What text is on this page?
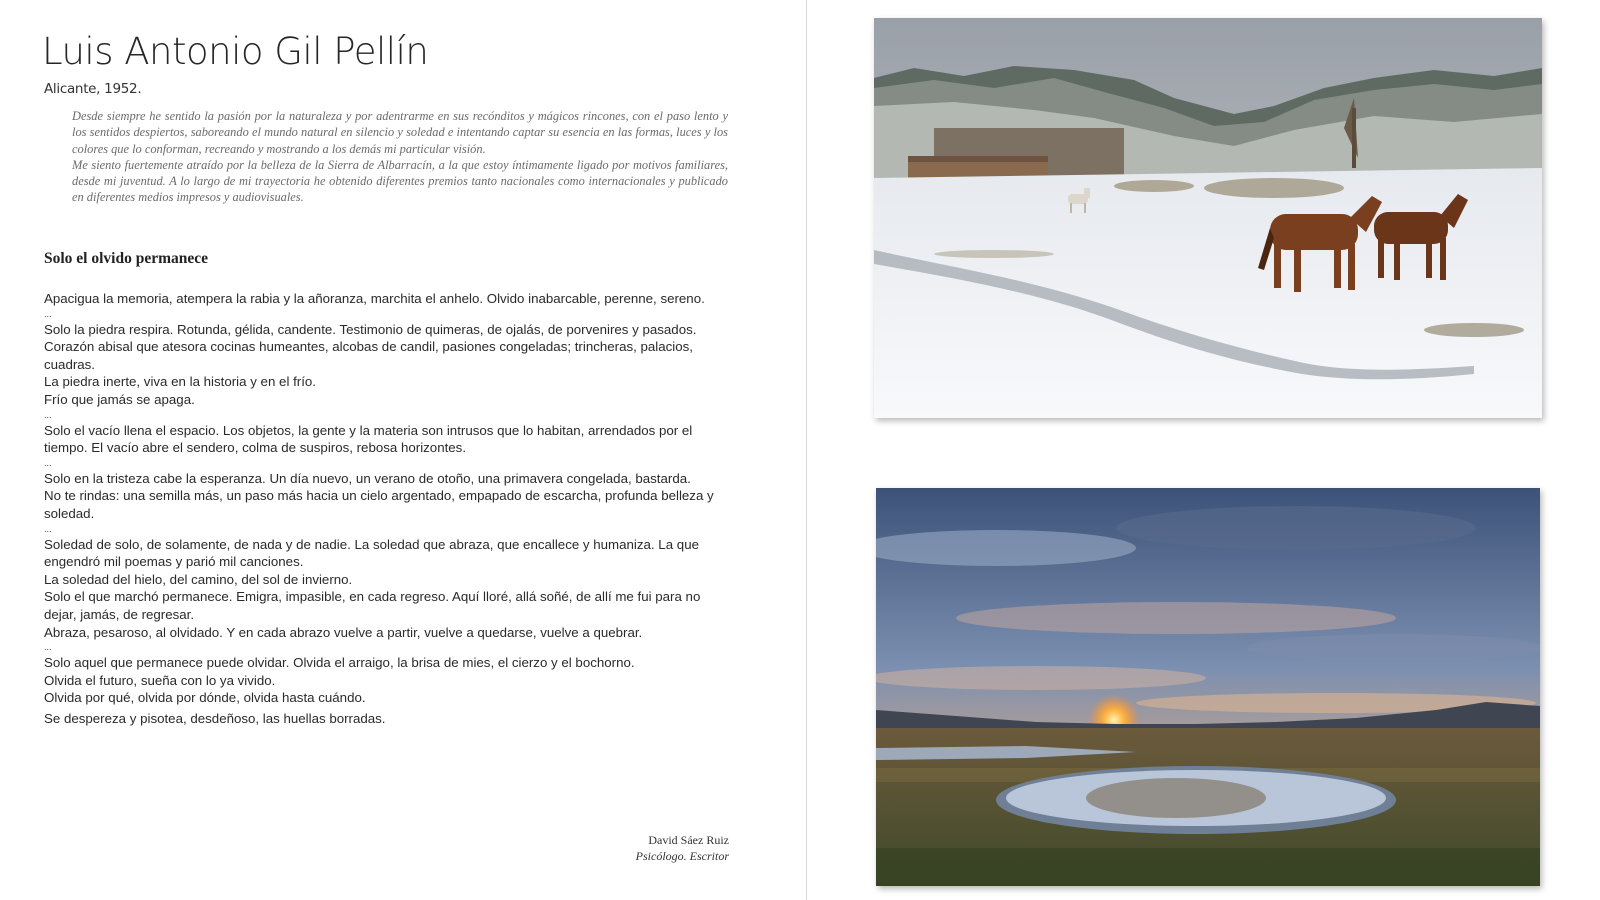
Luis Antonio Gil Pellín
Alicante, 1952.

Desde siempre he sentido la pasión por la naturaleza y por adentrarme en sus recónditos y mágicos rincones, con el paso lento y los sentidos despiertos, saboreando el mundo natural en silencio y soledad e intentando captar su esencia en las formas, luces y los colores que lo conforman, recreando y mostrando a los demás mi particular visión.

Me siento fuertemente atraído por la belleza de la Sierra de Albarracín, a la que estoy íntimamente ligado por motivos familiares, desde mi juventud. A lo largo de mi trayectoria he obtenido diferentes premios tanto nacionales como internacionales y publicado en diferentes medios impresos y audiovisuales.

Solo el olvido permanece

Apacigua la memoria, atempera la rabia y la añoranza, marchita el anhelo. Olvido inabarcable, perenne, sereno.

...

Solo la piedra respira. Rotunda, gélida, candente. Testimonio de quimeras, de ojalás, de porvenires y pasados. Corazón abisal que atesora cocinas humeantes, alcobas de candil, pasiones congeladas; trincheras, palacios, cuadras.

La piedra inerte, viva en la historia y en el frío.

Frío que jamás se apaga.

...

Solo el vacío llena el espacio. Los objetos, la gente y la materia son intrusos que lo habitan, arrendados por el tiempo. El vacío abre el sendero, colma de suspiros, rebosa horizontes.

...

Solo en la tristeza cabe la esperanza. Un día nuevo, un verano de otoño, una primavera congelada, bastarda.

No te rindas: una semilla más, un paso más hacia un cielo argentado, empapado de escarcha, profunda belleza y soledad.

...

Soledad de solo, de solamente, de nada y de nadie. La soledad que abraza, que encallece y humaniza. La que engendró mil poemas y parió mil canciones.

La soledad del hielo, del camino, del sol de invierno.

Solo el que marchó permanece. Emigra, impasible, en cada regreso. Aquí lloré, allá soñé, de allí me fui para no dejar, jamás, de regresar.

Abraza, pesaroso, al olvidado. Y en cada abrazo vuelve a partir, vuelve a quedarse, vuelve a quebrar.

...

Solo aquel que permanece puede olvidar. Olvida el arraigo, la brisa de mies, el cierzo y el bochorno.

Olvida el futuro, sueña con lo ya vivido.

Olvida por qué, olvida por dónde, olvida hasta cuándo.

Se despereza y pisotea, desdeñoso, las huellas borradas.

David Sáez Ruiz
Psicólogo. Escritor
